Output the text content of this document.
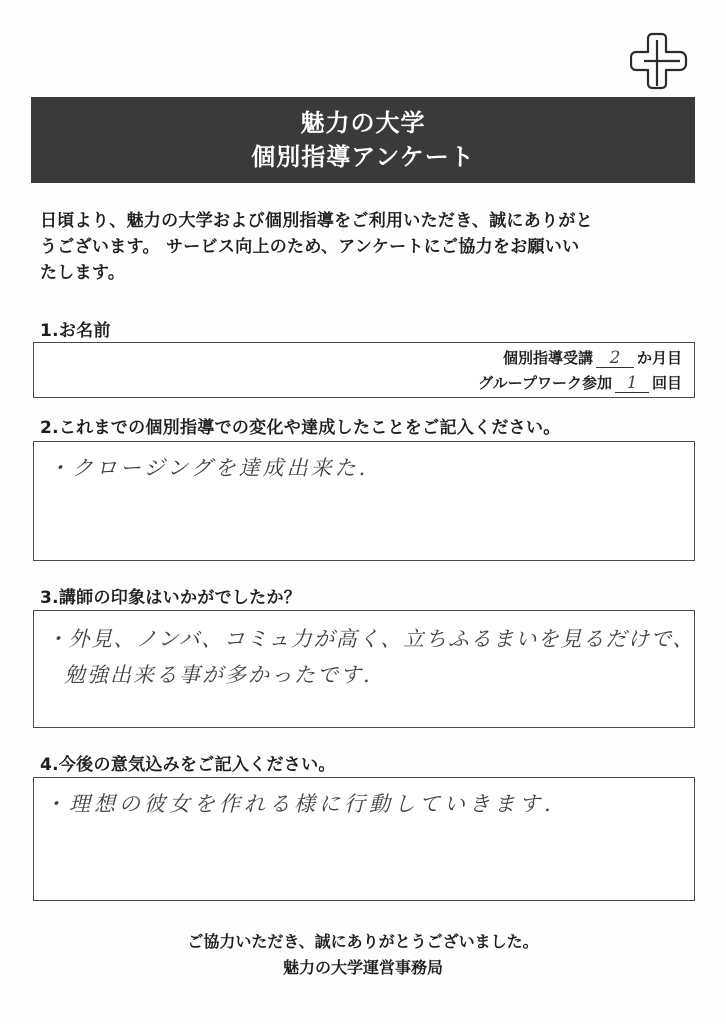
魅力の大学
個別指導アンケート
日頃より、魅力の大学および個別指導をご利用いただき、誠にありがと
うございます。 サービス向上のため、アンケートにご協力をお願いい
たします。
1.お名前
個別指導受講 2	か月目
グループワーク参加 1 回目
2.これまでの個別指導での変化や達成したことをご記入ください。
・クロージングを達成出来た.
3.講師の印象はいかがでしたか？
・外見、ノンバ、コミュ力が高く、立ちふるまいを見るだけで、
勉強出来る事が多かったです.
4.今後の意気込みをご記入ください。
・理想の彼女を作れる様に行動していきます.
ご協力いただき、誠にありがとうございました。
魅力の大学運営事務局
